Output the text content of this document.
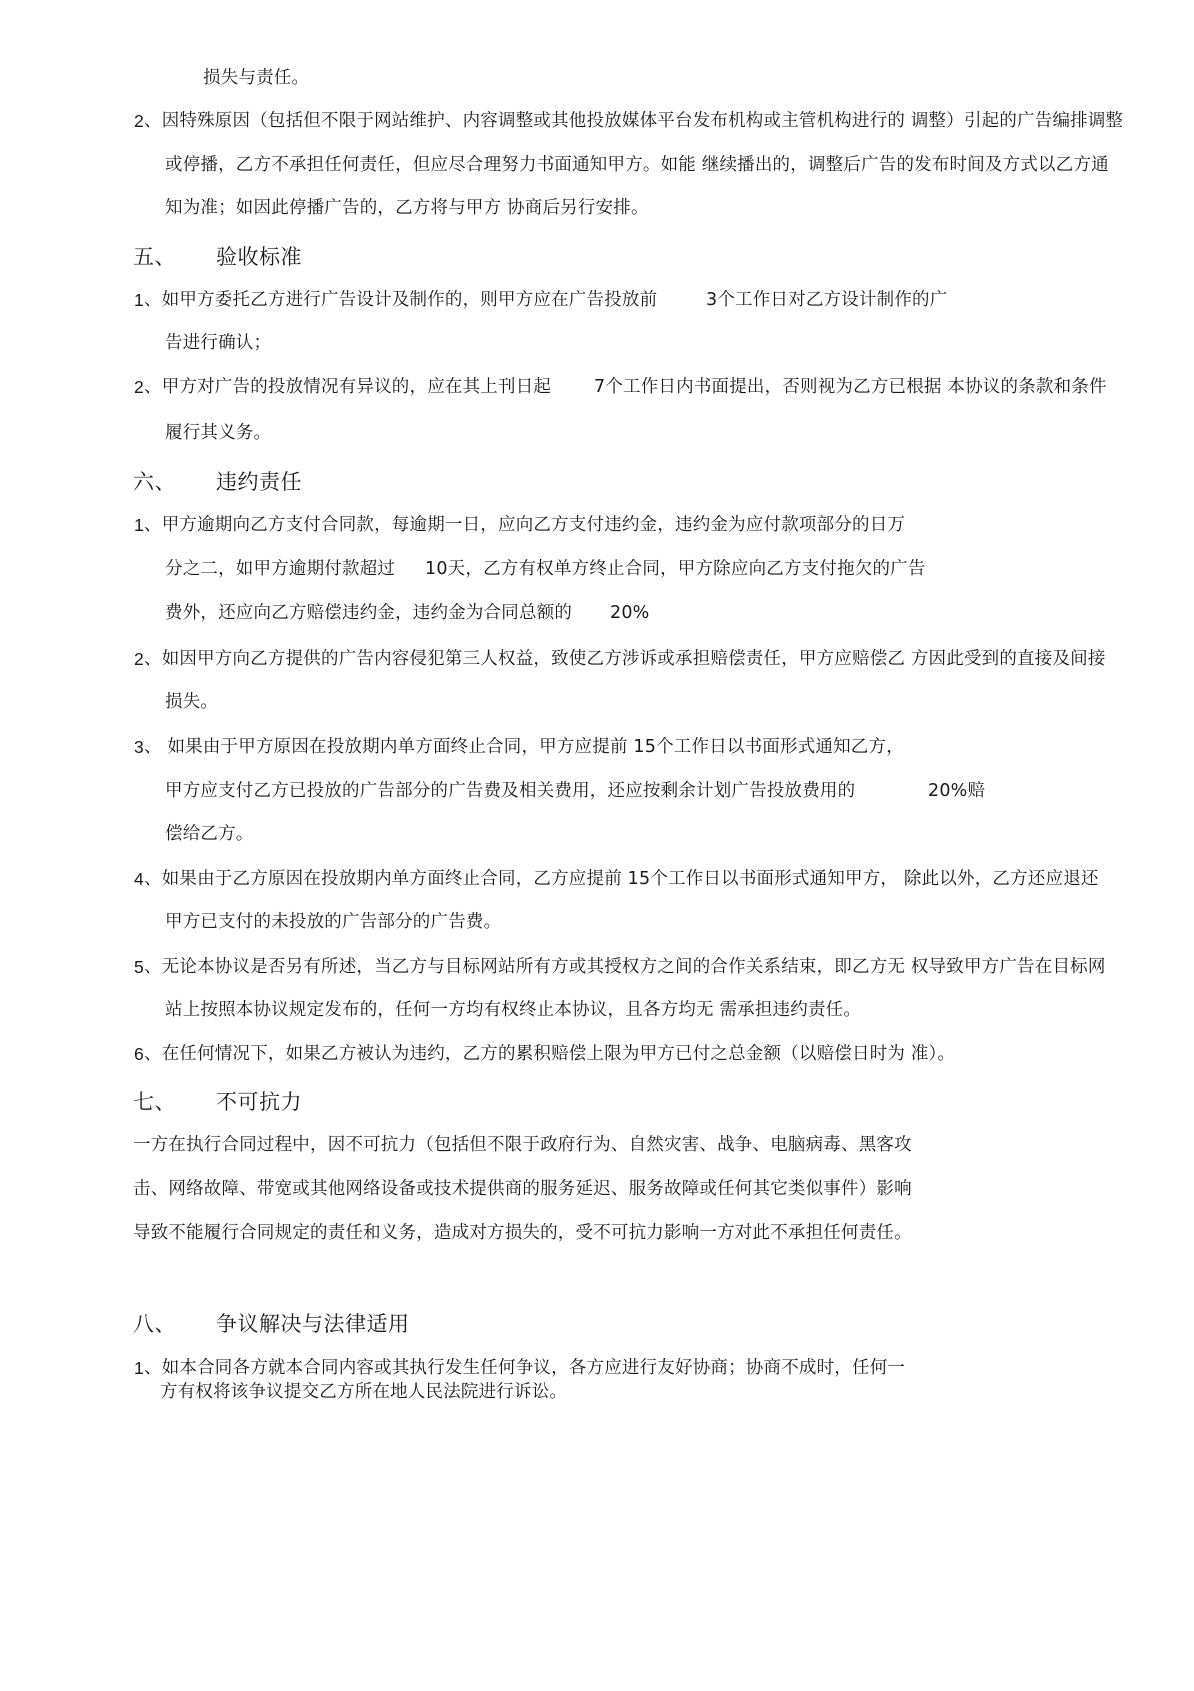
损失与责任。
2 、因特殊原因（包括但不限于网站维护、内容调整或其他投放媒体平台发布机构或主管机构进行的 调整）引起的广告编排调整
或停播，乙方不承担任何责任，但应尽合理努力书面通知甲方。如能 继续播出的，调整后广告的发布时间及方式以乙方通
知为准；如因此停播广告的，乙方将与甲方 协商后另行安排。
五、 验收标准
1 、如甲方委托乙方进行广告设计及制作的，则甲方应在广告投放前	3个工作日对乙方设计制作的广
告进行确认；
2 、甲方对广告的投放情况有异议的，应在其上刊日起 7个工作日内书面提出，否则视为乙方已根据 本协议的条款和条件
履行其义务。
六、 违约责任
1 、甲方逾期向乙方支付合同款，每逾期一日，应向乙方支付违约金，违约金为应付款项部分的日万
分之二，如甲方逾期付款超过 10天，乙方有权单方终止合同，甲方除应向乙方支付拖欠的广告
费外，还应向乙方赔偿违约金，违约金为合同总额的 20%
2 、如因甲方向乙方提供的广告内容侵犯第三人权益，致使乙方涉诉或承担赔偿责任，甲方应赔偿乙 方因此受到的直接及间接
损失。
3 、 如果由于甲方原因在投放期内单方面终止合同，甲方应提前 15个工作日以书面形式通知乙方，
甲方应支付乙方已投放的广告部分的广告费及相关费用，还应按剩余计划广告投放费用的	20%赔
偿给乙方。
4 、如果由于乙方原因在投放期内单方面终止合同，乙方应提前 15个工作日以书面形式通知甲方， 除此以外，乙方还应退还
甲方已支付的未投放的广告部分的广告费。
5 、无论本协议是否另有所述，当乙方与目标网站所有方或其授权方之间的合作关系结束，即乙方无 权导致甲方广告在目标网
站上按照本协议规定发布的，任何一方均有权终止本协议，且各方均无 需承担违约责任。
6 、在任何情况下，如果乙方被认为违约，乙方的累积赔偿上限为甲方已付之总金额（以赔偿日时为 准）。
七、 不可抗力
一方在执行合同过程中，因不可抗力（包括但不限于政府行为、自然灾害、战争、电脑病毒、黑客攻
击、网络故障、带宽或其他网络设备或技术提供商的服务延迟、服务故障或任何其它类似事件）影响
导致不能履行合同规定的责任和义务，造成对方损失的，受不可抗力影响一方对此不承担任何责任。
八、 争议解决与法律适用
1 、如本合同各方就本合同内容或其执行发生任何争议，各方应进行友好协商；协商不成时，任何一
方有权将该争议提交乙方所在地人民法院进行诉讼。
